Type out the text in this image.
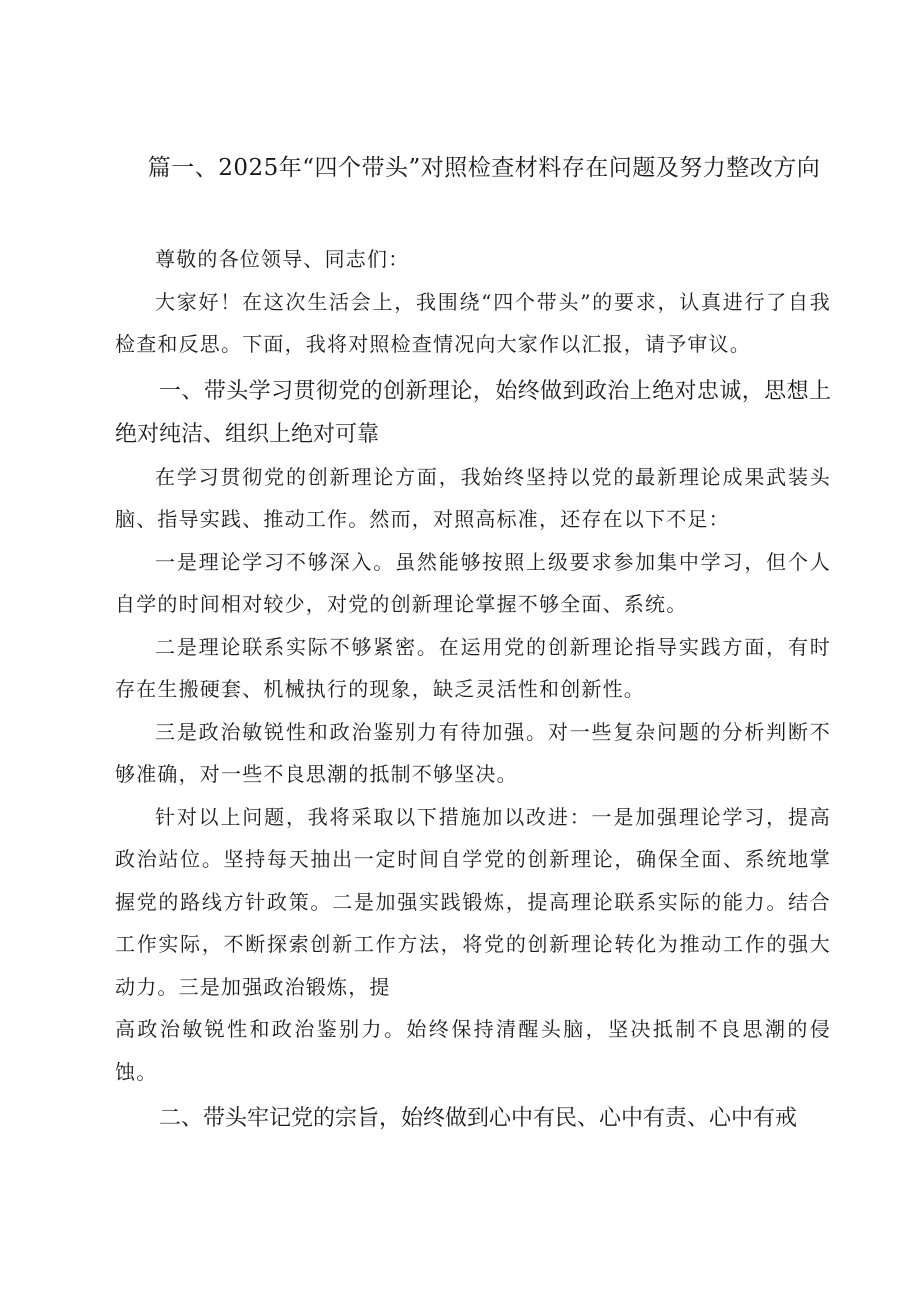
篇一、2025年“四个带头”对照检查材料存在问题及努力整改方向

尊敬的各位领导、同志们：

大家好！在这次生活会上，我围绕“四个带头”的要求，认真进行了自我检查和反思。下面，我将对照检查情况向大家作以汇报，请予审议。

一、带头学习贯彻党的创新理论，始终做到政治上绝对忠诚，思想上绝对纯洁、组织上绝对可靠

在学习贯彻党的创新理论方面，我始终坚持以党的最新理论成果武装头脑、指导实践、推动工作。然而，对照高标准，还存在以下不足：

一是理论学习不够深入。虽然能够按照上级要求参加集中学习，但个人自学的时间相对较少，对党的创新理论掌握不够全面、系统。

二是理论联系实际不够紧密。在运用党的创新理论指导实践方面，有时存在生搬硬套、机械执行的现象，缺乏灵活性和创新性。

三是政治敏锐性和政治鉴别力有待加强。对一些复杂问题的分析判断不够准确，对一些不良思潮的抵制不够坚决。

针对以上问题，我将采取以下措施加以改进：一是加强理论学习，提高政治站位。坚持每天抽出一定时间自学党的创新理论，确保全面、系统地掌握党的路线方针政策。二是加强实践锻炼，提高理论联系实际的能力。结合工作实际，不断探索创新工作方法，将党的创新理论转化为推动工作的强大动力。三是加强政治锻炼，提

高政治敏锐性和政治鉴别力。始终保持清醒头脑，坚决抵制不良思潮的侵蚀。

二、带头牢记党的宗旨，始终做到心中有民、心中有责、心中有戒
